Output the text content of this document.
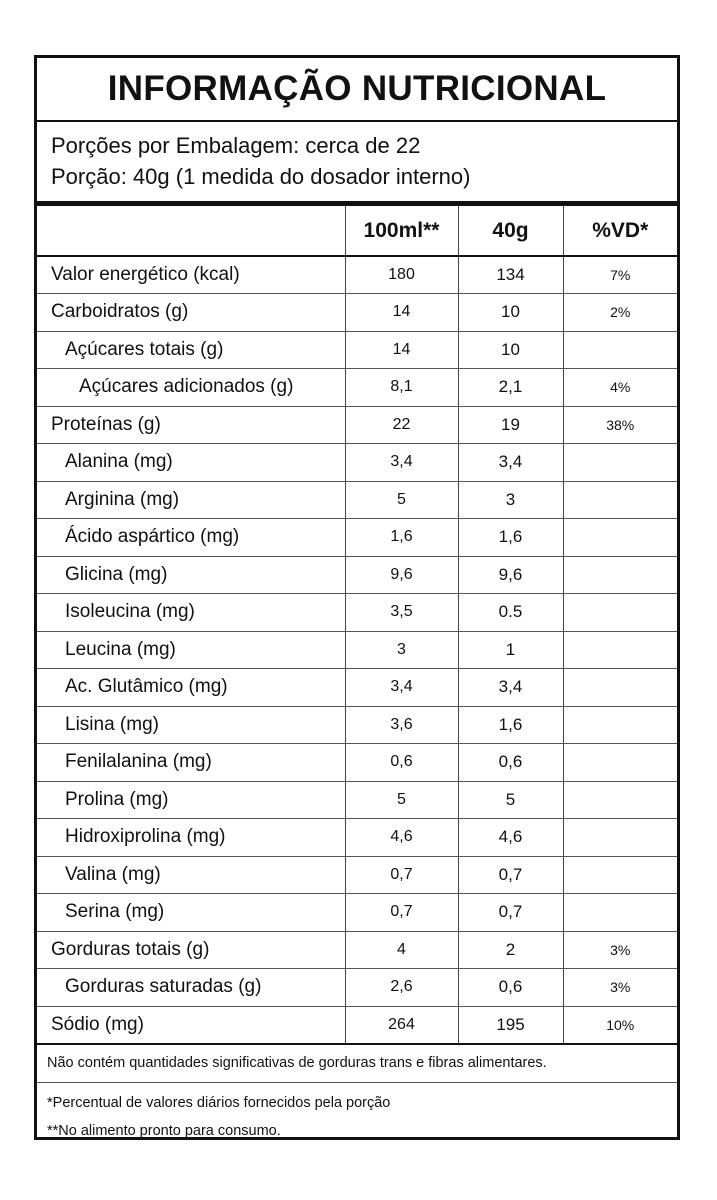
INFORMAÇÃO NUTRICIONAL
Porções por Embalagem: cerca de 22
Porção: 40g (1 medida do dosador interno)
	100ml**	40g	%VD*
Valor energético (kcal)	180	134	7%
Carboidratos (g)	14	10	2%
Açúcares totais (g)	14	10	
Açúcares adicionados (g)	8,1	2,1	4%
Proteínas (g)	22	19	38%
Alanina (mg)	3,4	3,4	
Arginina (mg)	5	3	
Ácido aspártico (mg)	1,6	1,6	
Glicina (mg)	9,6	9,6	
Isoleucina (mg)	3,5	0.5	
Leucina (mg)	3	1	
Ac. Glutâmico (mg)	3,4	3,4	
Lisina (mg)	3,6	1,6	
Fenilalanina (mg)	0,6	0,6	
Prolina (mg)	5	5	
Hidroxiprolina (mg)	4,6	4,6	
Valina (mg)	0,7	0,7	
Serina (mg)	0,7	0,7	
Gorduras totais (g)	4	2	3%
Gorduras saturadas (g)	2,6	0,6	3%
Sódio (mg)	264	195	10%
Não contém quantidades significativas de gorduras trans e fibras alimentares.
*Percentual de valores diários fornecidos pela porção
**No alimento pronto para consumo.
